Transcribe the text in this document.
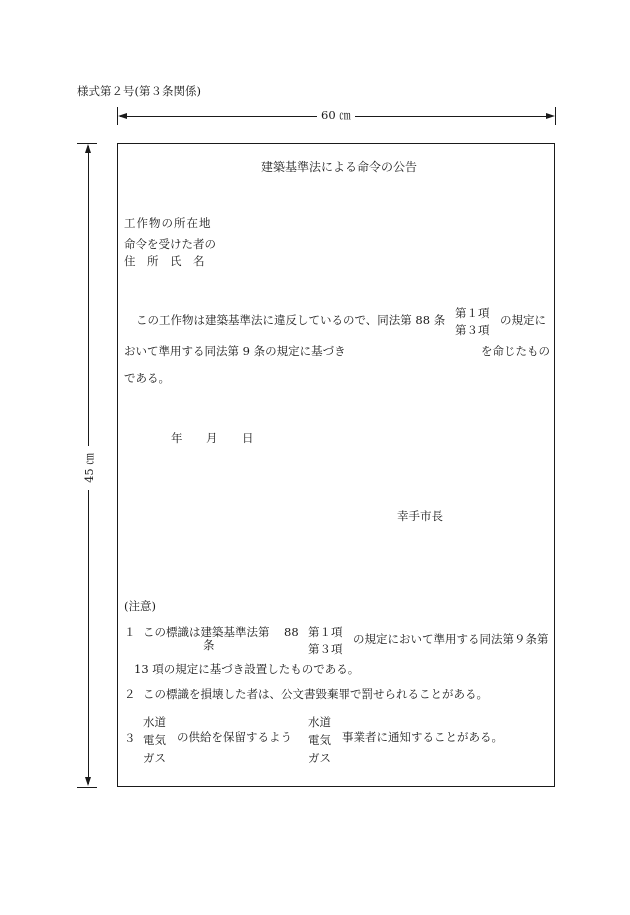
様式第２号(第３条関係)
60 ㎝
45 ㎝
建築基準法による命令の公告
工作物の所在地
命令を受けた者の
住　所　氏　名
この工作物は建築基準法に違反しているので、同法第 88 条 第１項
第３項
の規定に
おいて準用する同法第 9 条の規定に基づき	を命じたもの
である。
年 月 日
幸手市長
(注意)
１ この標識は建築基準法第 88
条
第１項
第３項
の規定において準用する同法第９条第
13 項の規定に基づき設置したものである。
２ この標識を損壊した者は、公文書毀棄罪で罰せられることがある。
３
水道
電気
ガス
の供給を保留するよう
水道
電気
ガス
事業者に通知することがある。
